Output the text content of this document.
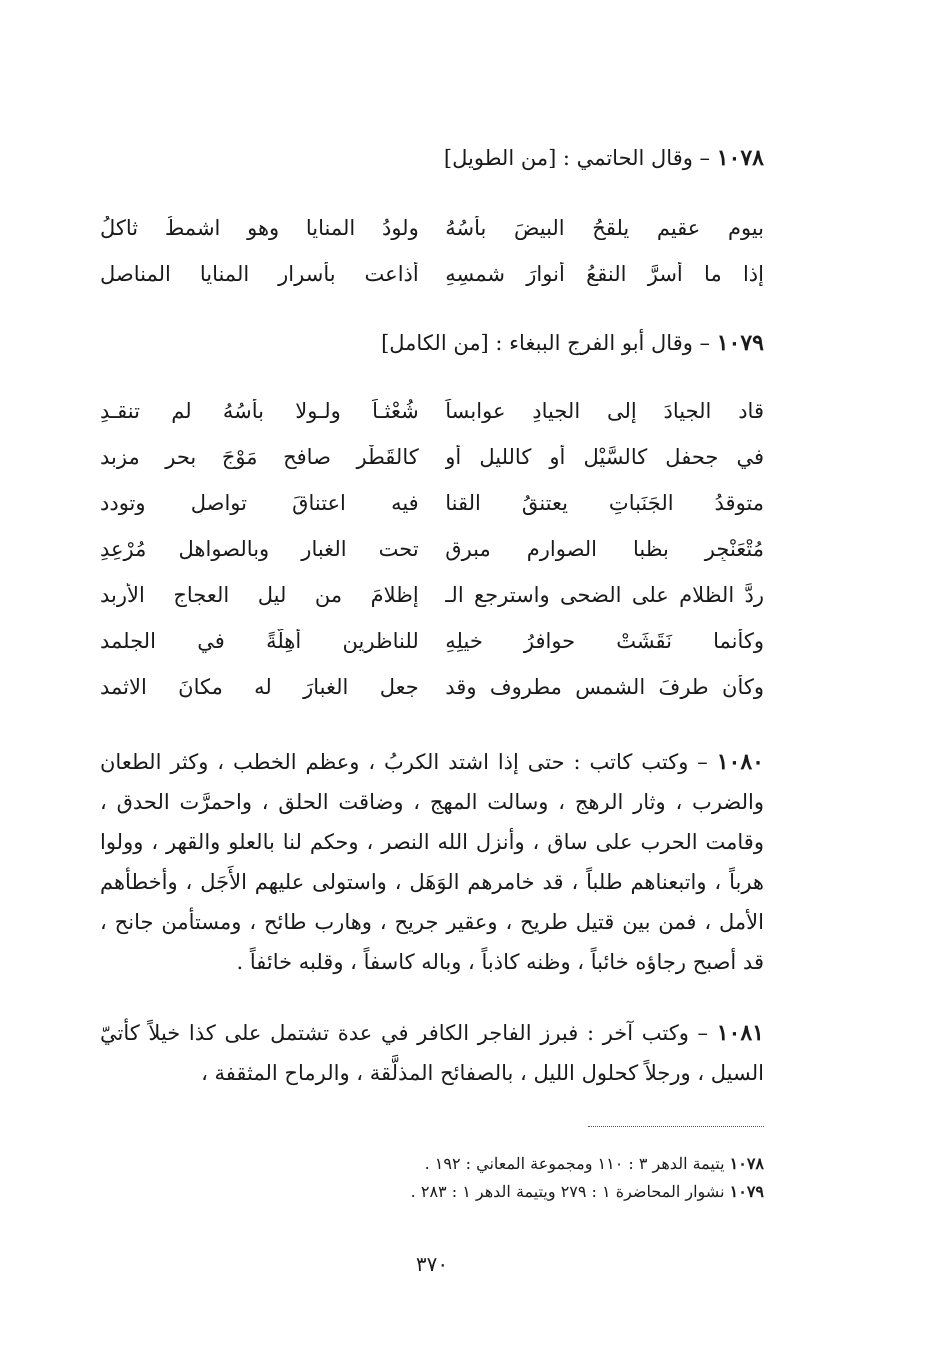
١٠٧٨ – وقال الحاتمي : [من الطويل]
بيومٍ عقيم يلقحُ البيضَ بأسُهُ
ولودُ المنايا وهو اشمطُ ثاكلُ
إذا ما أسرَّ النقعُ أنوارَ شمسِهِ
أذاعت بأسرارِ المنايا المناصل
١٠٧٩ – وقال أبو الفرج الببغاء : [من الكامل]
قاد الجيادَ إلى الجيادِ عوابساً
شُعْثـاً ولـولا بأسُهُ لم تنقـدِ
في جحفلٍ كالسَّيْل أو كالليل أو
كالقَطْرِ صافح مَوْجَ بحرٍ مزبد
متوقدُ الجَنَباتِ يعتنقُ القنا
فيه اعتناقَ تواصلٍ وتودد
مُتْعَنْجِرٍ بظبا الصوارم مبرقٍ
تحت الغبار وبالصواهل مُرْعِدِ
ردَّ الظلام على الضحى واسترجع الـ
إظلامَ من ليل العجاج الأربد
وكأنما نَقَشَتْ حوافرُ خيلِهِ
للناظرين أهِلَّةً في الجلمد
وكأن طرفَ الشمس مطروف وقد
جعل الغبارَ له مكانَ الاثمد
١٠٨٠ – وكتب كاتب : حتى إذا اشتد الكربُ ، وعظم الخطب ، وكثر الطعان والضرب ، وثار الرهج ، وسالت المهج ، وضاقت الحلق ، واحمرَّت الحدق ، وقامت الحرب على ساق ، وأنزل الله النصر ، وحكم لنا بالعلو والقهر ، وولوا هرباً ، واتبعناهم طلباً ، قد خامرهم الوَهَل ، واستولى عليهم الأَجَل ، وأخطأهم الأمل ، فمن بين قتيل طريح ، وعقير جريح ، وهارب طائح ، ومستأمن جانح ، قد أصبح رجاؤه خائباً ، وظنه كاذباً ، وباله كاسفاً ، وقلبه خائفاً .
١٠٨١ – وكتب آخر : فبرز الفاجر الكافر في عدة تشتمل على كذا خيلاً كأتيّ السيل ، ورجلاً كحلول الليل ، بالصفائح المذلَّقة ، والرماح المثقفة ،
١٠٧٨ يتيمة الدهر ٣ : ١١٠ ومجموعة المعاني : ١٩٢ .
١٠٧٩ نشوار المحاضرة ١ : ٢٧٩ ويتيمة الدهر ١ : ٢٨٣ .
٣٧٠
